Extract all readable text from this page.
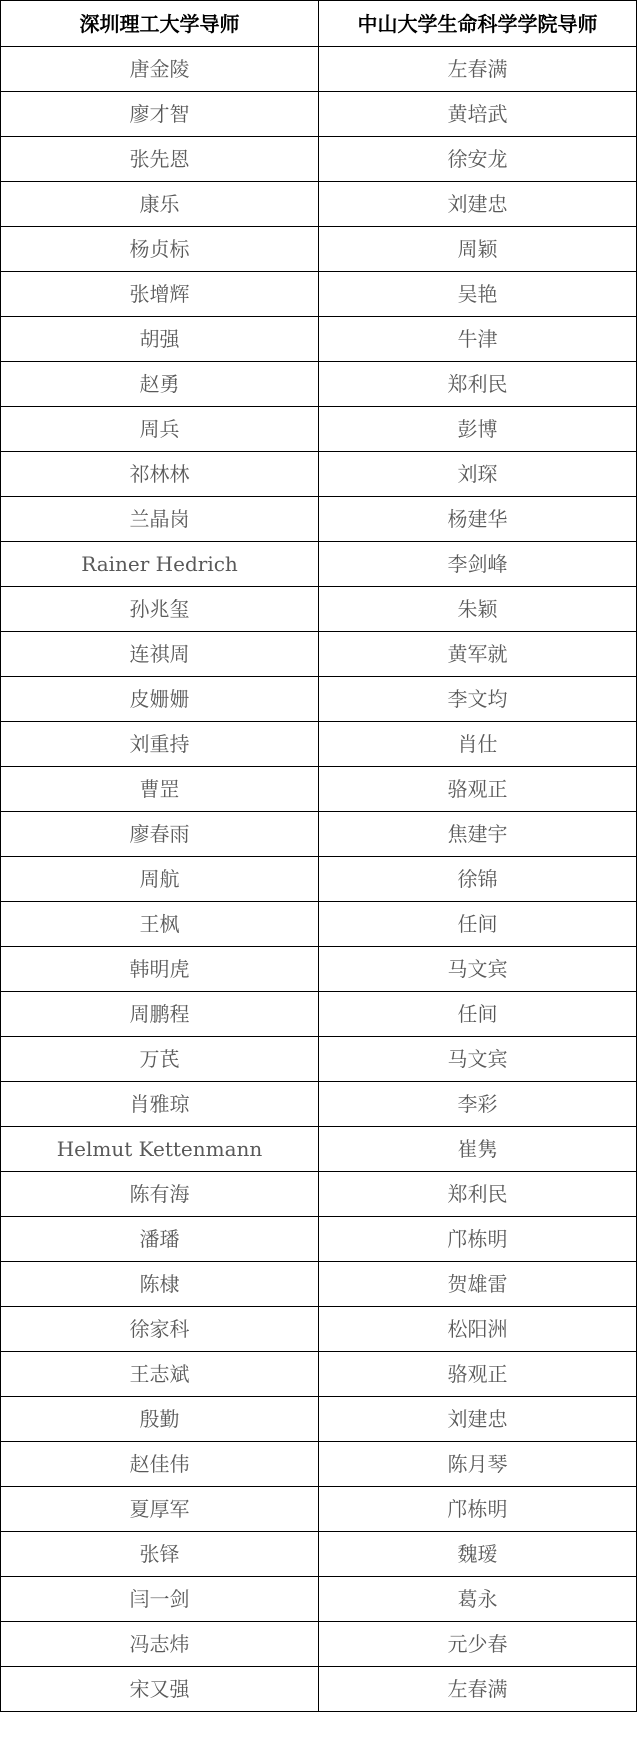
深圳理工大学导师	中山大学生命科学学院导师
唐金陵	左春满
廖才智	黄培武
张先恩	徐安龙
康乐	刘建忠
杨贞标	周颖
张增辉	吴艳
胡强	牛津
赵勇	郑利民
周兵	彭博
祁林林	刘琛
兰晶岗	杨建华
Rainer Hedrich	李剑峰
孙兆玺	朱颖
连祺周	黄军就
皮姗姗	李文均
刘重持	肖仕
曹罡	骆观正
廖春雨	焦建宇
周航	徐锦
王枫	任间
韩明虎	马文宾
周鹏程	任间
万芪	马文宾
肖雅琼	李彩
Helmut Kettenmann	崔隽
陈有海	郑利民
潘璠	邝栋明
陈棣	贺雄雷
徐家科	松阳洲
王志斌	骆观正
殷勤	刘建忠
赵佳伟	陈月琴
夏厚军	邝栋明
张铎	魏瑷
闫一剑	葛永
冯志炜	元少春
宋又强	左春满
